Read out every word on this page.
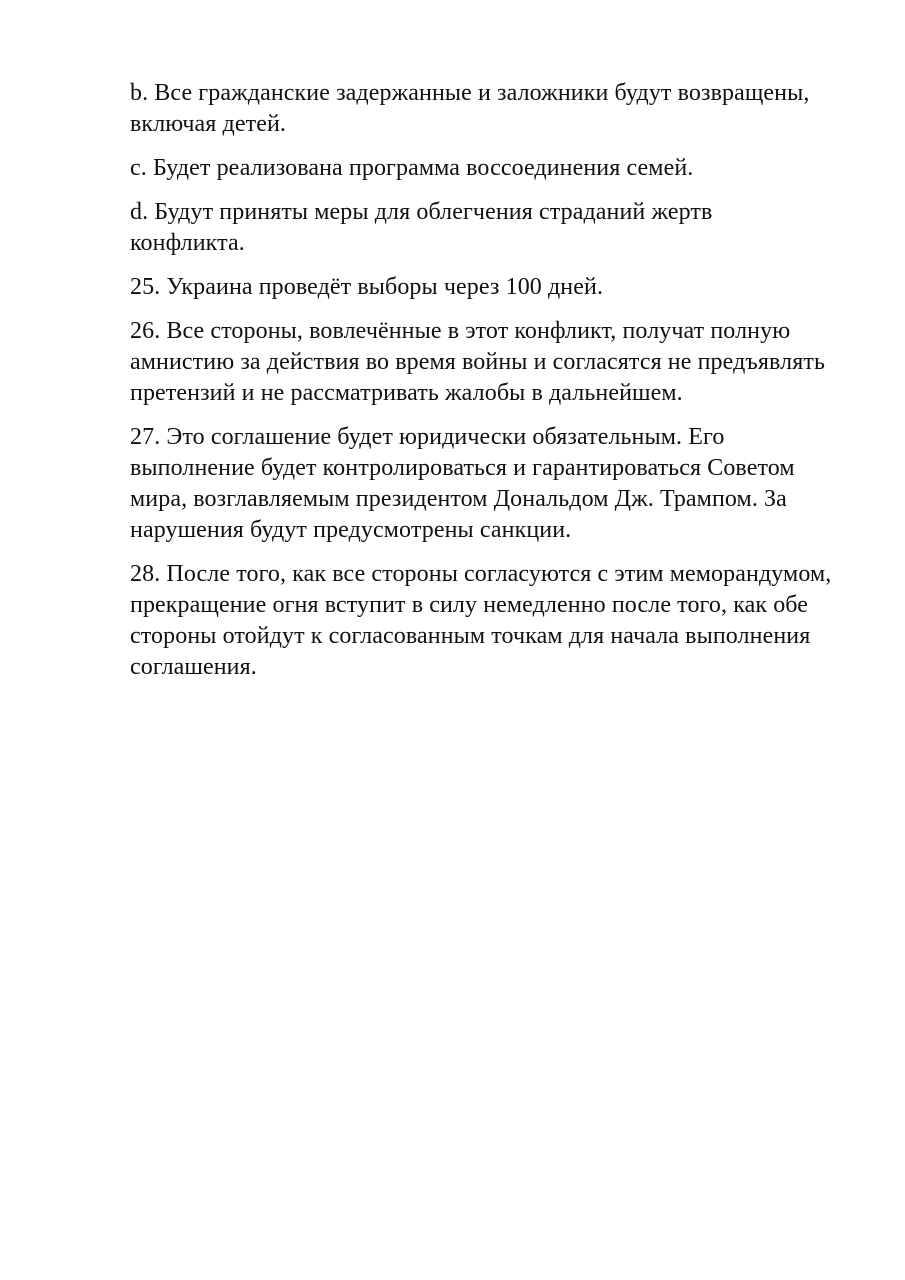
b. Все гражданские задержанные и заложники будут возвращены, включая детей.

c. Будет реализована программа воссоединения семей.

d. Будут приняты меры для облегчения страданий жертв конфликта.

25. Украина проведёт выборы через 100 дней.

26. Все стороны, вовлечённые в этот конфликт, получат полную амнистию за действия во время войны и согласятся не предъявлять претензий и не рассматривать жалобы в дальнейшем.

27. Это соглашение будет юридически обязательным. Его выполнение будет контролироваться и гарантироваться Советом мира, возглавляемым президентом Дональдом Дж. Трампом. За нарушения будут предусмотрены санкции.

28. После того, как все стороны согласуются с этим меморандумом, прекращение огня вступит в силу немедленно после того, как обе стороны отойдут к согласованным точкам для начала выполнения соглашения.
